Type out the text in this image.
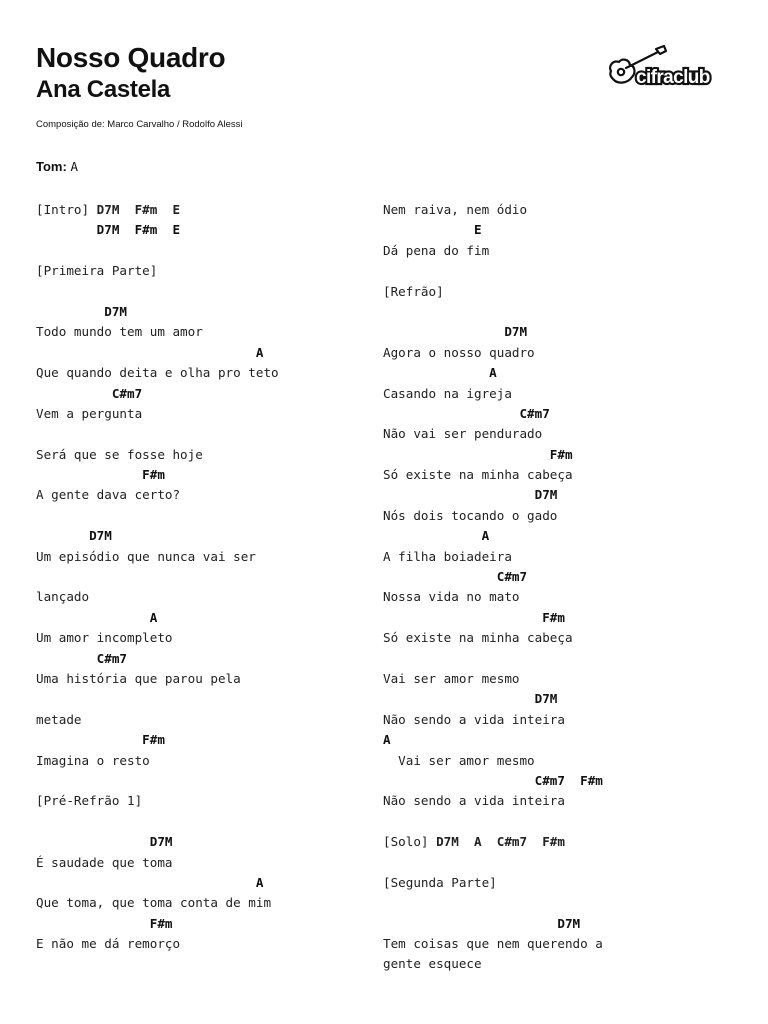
Nosso Quadro
Ana Castela
Composição de: Marco Carvalho / Rodolfo Alessi
cifraclub
Tom: A
[Intro] D7M  F#m  E
D7M  F#m  E
[Primeira Parte]
D7M
Todo mundo tem um amor
A
Que quando deita e olha pro teto
C#m7
Vem a pergunta
Será que se fosse hoje
F#m
A gente dava certo?
D7M
Um episódio que nunca vai ser
lançado
A
Um amor incompleto
C#m7
Uma história que parou pela
metade
F#m
Imagina o resto
[Pré-Refrão 1]
D7M
É saudade que toma
A
Que toma, que toma conta de mim
F#m
E não me dá remorço
Nem raiva, nem ódio
E
Dá pena do fim
[Refrão]
D7M
Agora o nosso quadro
A
Casando na igreja
C#m7
Não vai ser pendurado
F#m
Só existe na minha cabeça
D7M
Nós dois tocando o gado
A
A filha boiadeira
C#m7
Nossa vida no mato
F#m
Só existe na minha cabeça
Vai ser amor mesmo
D7M
Não sendo a vida inteira
A
Vai ser amor mesmo
C#m7  F#m
Não sendo a vida inteira
[Solo] D7M  A  C#m7  F#m
[Segunda Parte]
D7M
Tem coisas que nem querendo a
gente esquece
